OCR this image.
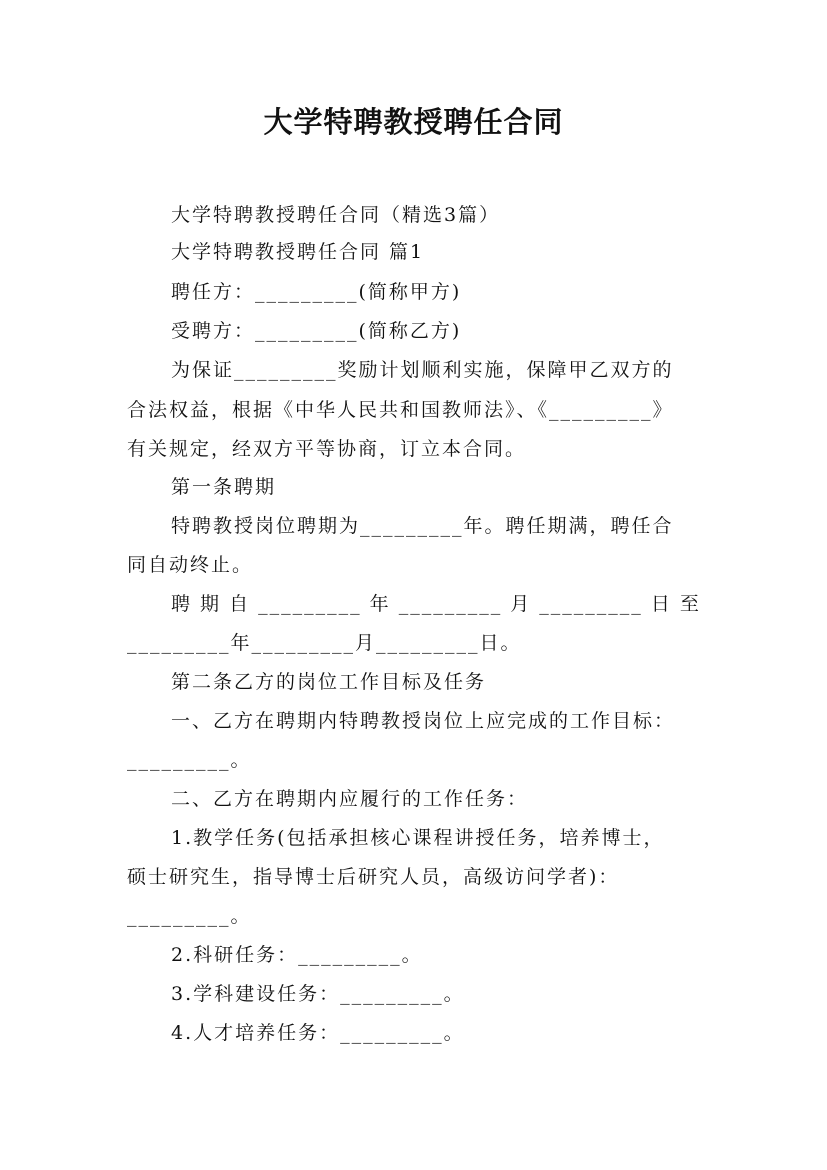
大学特聘教授聘任合同
大学特聘教授聘任合同（精选3篇）
大学特聘教授聘任合同 篇1
聘任方：_________(简称甲方)
受聘方：_________(简称乙方)
为保证_________奖励计划顺利实施，保障甲乙双方的
合法权益，根据《中华人民共和国教师法》、《_________》
有关规定，经双方平等协商，订立本合同。
第一条聘期
特聘教授岗位聘期为_________年。聘任期满，聘任合
同自动终止。
聘 期 自 _________ 年 _________ 月 _________ 日 至
_________年_________月_________日。
第二条乙方的岗位工作目标及任务
一、乙方在聘期内特聘教授岗位上应完成的工作目标：
_________。
二、乙方在聘期内应履行的工作任务：
1.教学任务(包括承担核心课程讲授任务，培养博士，
硕士研究生，指导博士后研究人员，高级访问学者)：
_________。
2.科研任务：_________。
3.学科建设任务：_________。
4.人才培养任务：_________。
